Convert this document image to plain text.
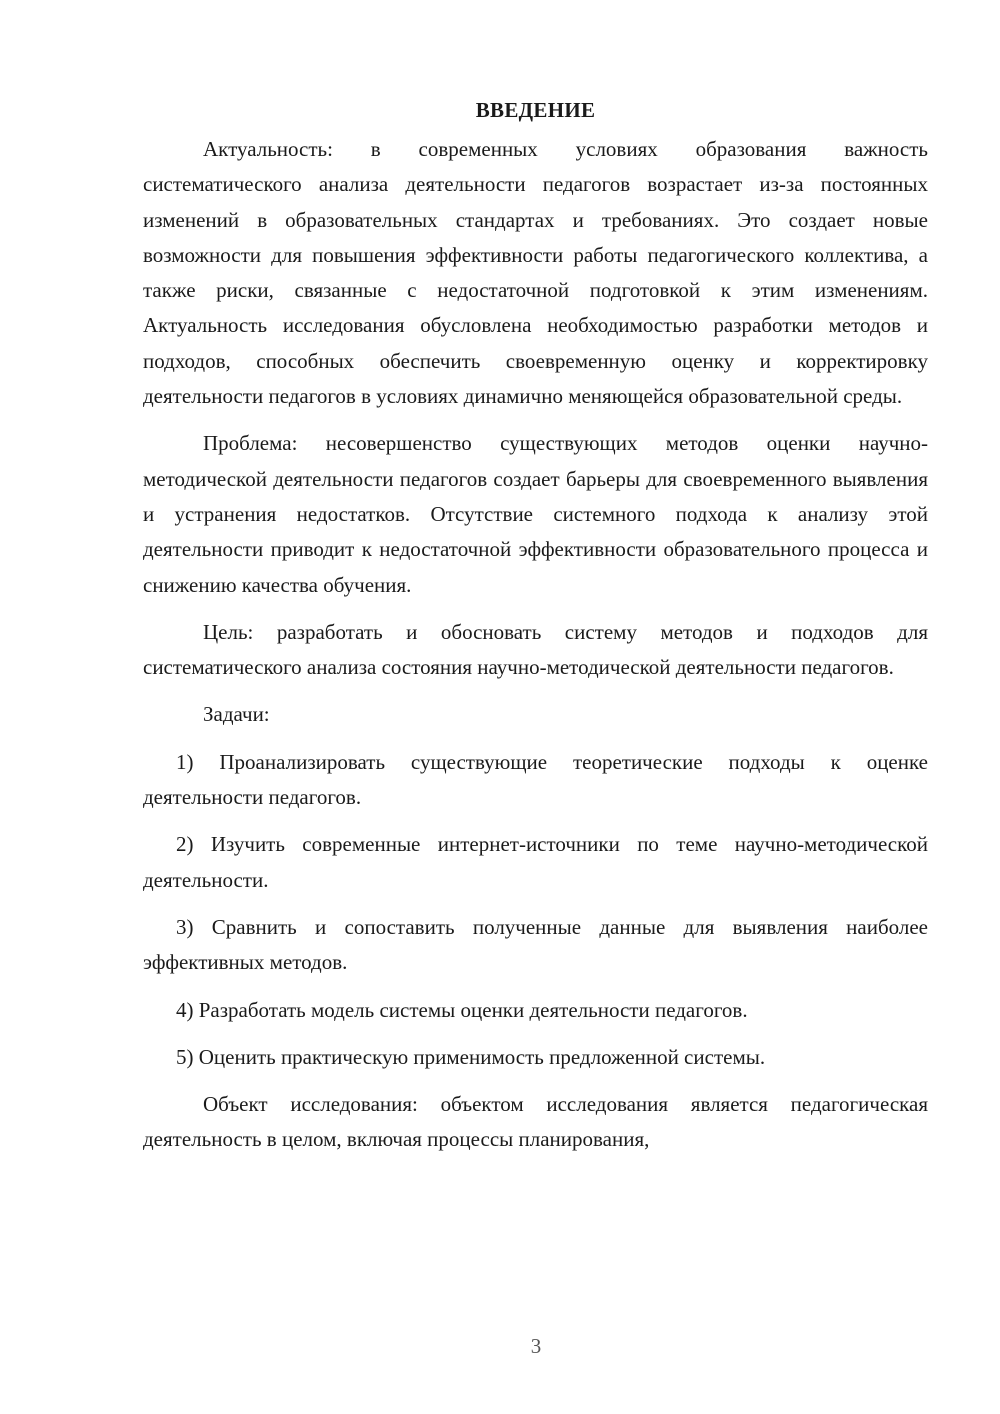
ВВЕДЕНИЕ

Актуальность: в современных условиях образования важность систематического анализа деятельности педагогов возрастает из-за постоянных изменений в образовательных стандартах и требованиях. Это создает новые возможности для повышения эффективности работы педагогического коллектива, а также риски, связанные с недостаточной подготовкой к этим изменениям. Актуальность исследования обусловлена необходимостью разработки методов и подходов, способных обеспечить своевременную оценку и корректировку деятельности педагогов в условиях динамично меняющейся образовательной среды.

Проблема: несовершенство существующих методов оценки научно-методической деятельности педагогов создает барьеры для своевременного выявления и устранения недостатков. Отсутствие системного подхода к анализу этой деятельности приводит к недостаточной эффективности образовательного процесса и снижению качества обучения.

Цель: разработать и обосновать систему методов и подходов для систематического анализа состояния научно-методической деятельности педагогов.

Задачи:

1) Проанализировать существующие теоретические подходы к оценке деятельности педагогов.

2) Изучить современные интернет-источники по теме научно-методической деятельности.

3) Сравнить и сопоставить полученные данные для выявления наиболее эффективных методов.

4) Разработать модель системы оценки деятельности педагогов.

5) Оценить практическую применимость предложенной системы.

Объект исследования: объектом исследования является педагогическая деятельность в целом, включая процессы планирования,

3
